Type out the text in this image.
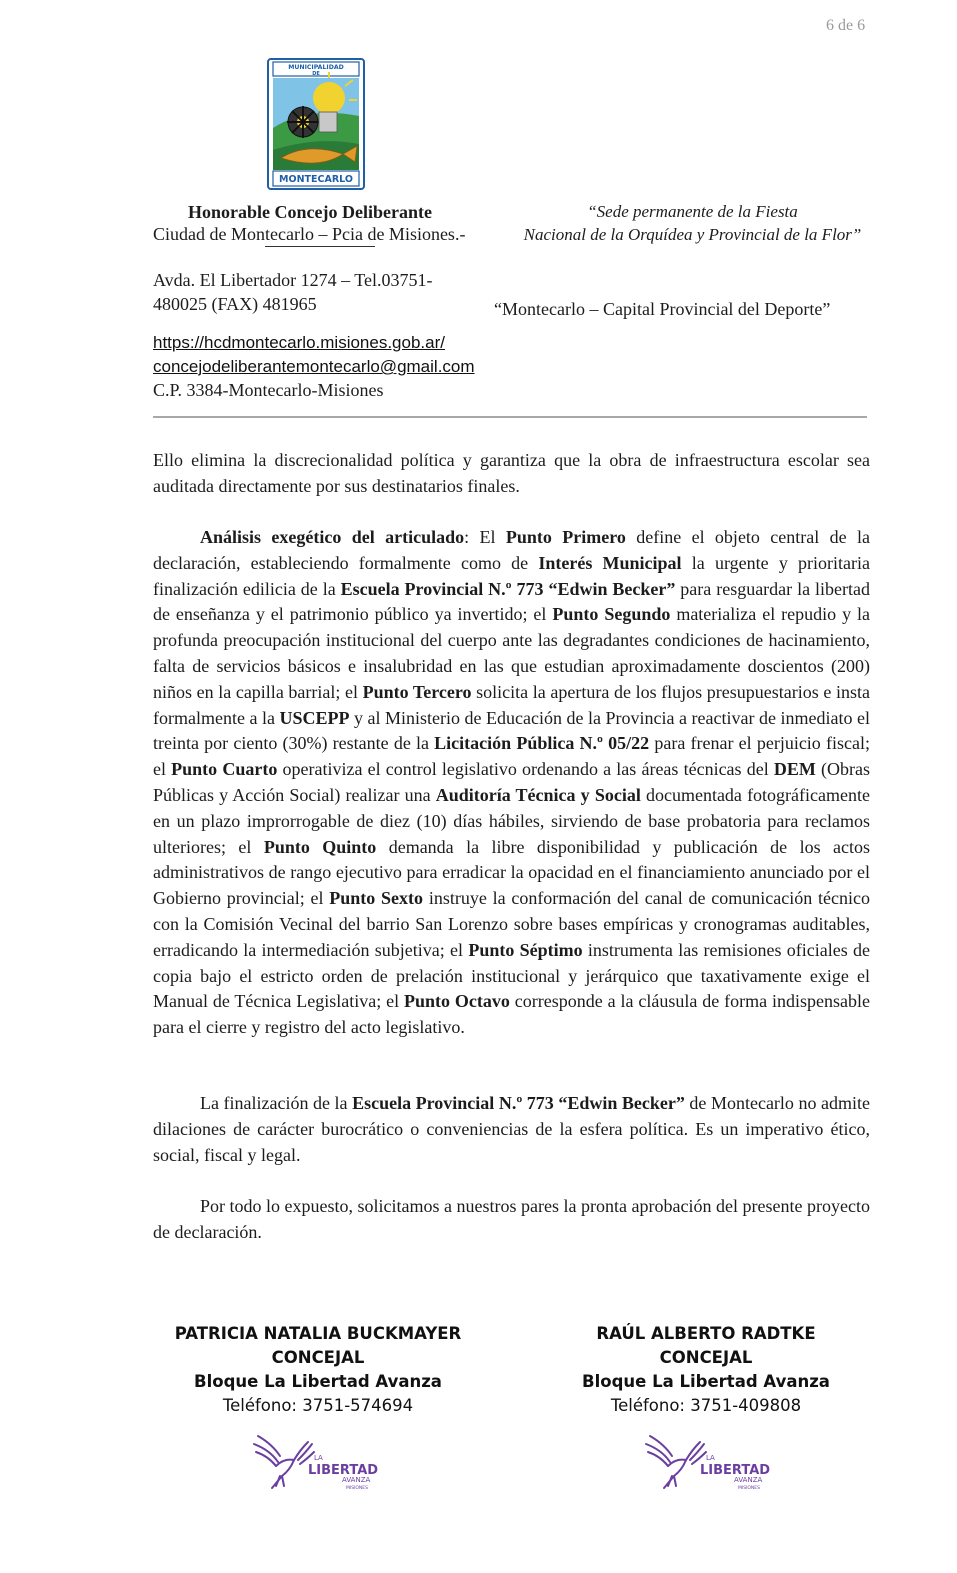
6 de 6
MUNICIPALIDAD
DE
MONTECARLO
Honorable Concejo Deliberante
Ciudad de Montecarlo – Pcia de Misiones.-
Avda. El Libertador 1274 – Tel.03751-480025 (FAX) 481965
https://hcdmontecarlo.misiones.gob.ar/
concejodeliberantemontecarlo@gmail.com
C.P. 3384-Montecarlo-Misiones
“Sede permanente de la Fiesta
Nacional de la Orquídea y Provincial de la Flor”
“Montecarlo – Capital Provincial del Deporte”

Ello elimina la discrecionalidad política y garantiza que la obra de infraestructura escolar sea auditada directamente por sus destinatarios finales.

Análisis exegético del articulado: El Punto Primero define el objeto central de la declaración, estableciendo formalmente como de Interés Municipal la urgente y prioritaria finalización edilicia de la Escuela Provincial N.º 773 “Edwin Becker” para resguardar la libertad de enseñanza y el patrimonio público ya invertido; el Punto Segundo materializa el repudio y la profunda preocupación institucional del cuerpo ante las degradantes condiciones de hacinamiento, falta de servicios básicos e insalubridad en las que estudian aproximadamente doscientos (200) niños en la capilla barrial; el Punto Tercero solicita la apertura de los flujos presupuestarios e insta formalmente a la USCEPP y al Ministerio de Educación de la Provincia a reactivar de inmediato el treinta por ciento (30%) restante de la Licitación Pública N.º 05/22 para frenar el perjuicio fiscal; el Punto Cuarto operativiza el control legislativo ordenando a las áreas técnicas del DEM (Obras Públicas y Acción Social) realizar una Auditoría Técnica y Social documentada fotográficamente en un plazo improrrogable de diez (10) días hábiles, sirviendo de base probatoria para reclamos ulteriores; el Punto Quinto demanda la libre disponibilidad y publicación de los actos administrativos de rango ejecutivo para erradicar la opacidad en el financiamiento anunciado por el Gobierno provincial; el Punto Sexto instruye la conformación del canal de comunicación técnico con la Comisión Vecinal del barrio San Lorenzo sobre bases empíricas y cronogramas auditables, erradicando la intermediación subjetiva; el Punto Séptimo instrumenta las remisiones oficiales de copia bajo el estricto orden de prelación institucional y jerárquico que taxativamente exige el Manual de Técnica Legislativa; el Punto Octavo corresponde a la cláusula de forma indispensable para el cierre y registro del acto legislativo.

La finalización de la Escuela Provincial N.º 773 “Edwin Becker” de Montecarlo no admite dilaciones de carácter burocrático o conveniencias de la esfera política. Es un imperativo ético, social, fiscal y legal.

Por todo lo expuesto, solicitamos a nuestros pares la pronta aprobación del presente proyecto de declaración.

PATRICIA NATALIA BUCKMAYER
CONCEJAL
Bloque La Libertad Avanza
Teléfono: 3751-574694
RAÚL ALBERTO RADTKE
CONCEJAL
Bloque La Libertad Avanza
Teléfono: 3751-409808
LA
LIBERTAD
AVANZA
MISIONES
LA
LIBERTAD
AVANZA
MISIONES
